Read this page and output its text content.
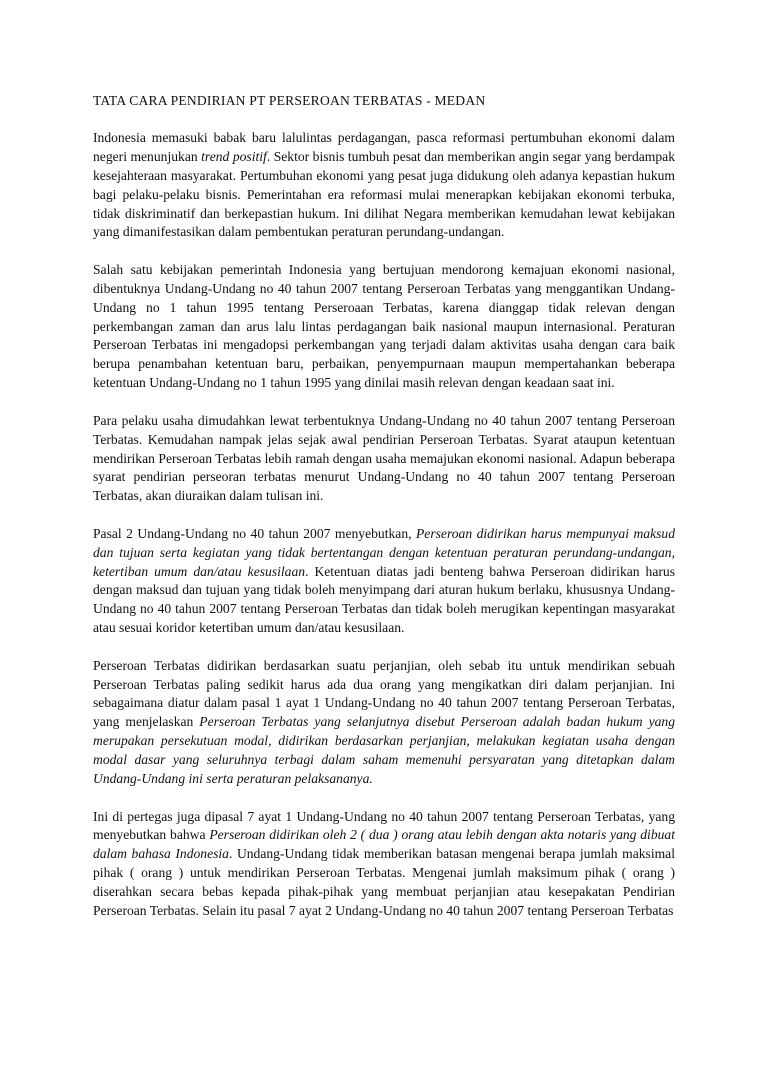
TATA CARA PENDIRIAN PT PERSEROAN TERBATAS - MEDAN

Indonesia memasuki babak baru lalulintas perdagangan, pasca reformasi pertumbuhan ekonomi dalam negeri menunjukan trend positif. Sektor bisnis tumbuh pesat dan memberikan angin segar yang berdampak kesejahteraan masyarakat. Pertumbuhan ekonomi yang pesat juga didukung oleh adanya kepastian hukum bagi pelaku-pelaku bisnis. Pemerintahan era reformasi mulai menerapkan kebijakan ekonomi terbuka, tidak diskriminatif dan berkepastian hukum. Ini dilihat Negara memberikan kemudahan lewat kebijakan yang dimanifestasikan dalam pembentukan peraturan perundang-undangan.

Salah satu kebijakan pemerintah Indonesia yang bertujuan mendorong kemajuan ekonomi nasional, dibentuknya Undang-Undang no 40 tahun 2007 tentang Perseroan Terbatas yang menggantikan Undang-Undang no 1 tahun 1995 tentang Perseroaan Terbatas, karena dianggap tidak relevan dengan perkembangan zaman dan arus lalu lintas perdagangan baik nasional maupun internasional. Peraturan Perseroan Terbatas ini mengadopsi perkembangan yang terjadi dalam aktivitas usaha dengan cara baik berupa penambahan ketentuan baru, perbaikan, penyempurnaan maupun mempertahankan beberapa ketentuan Undang-Undang no 1 tahun 1995 yang dinilai masih relevan dengan keadaan saat ini.

Para pelaku usaha dimudahkan lewat terbentuknya Undang-Undang no 40 tahun 2007 tentang Perseroan Terbatas. Kemudahan nampak jelas sejak awal pendirian Perseroan Terbatas. Syarat ataupun ketentuan mendirikan Perseroan Terbatas lebih ramah dengan usaha memajukan ekonomi nasional. Adapun beberapa syarat pendirian perseoran terbatas menurut Undang-Undang no 40 tahun 2007 tentang Perseroan Terbatas, akan diuraikan dalam tulisan ini.

Pasal 2 Undang-Undang no 40 tahun 2007 menyebutkan, Perseroan didirikan harus mempunyai maksud dan tujuan serta kegiatan yang tidak bertentangan dengan ketentuan peraturan perundang-undangan, ketertiban umum dan/atau kesusilaan. Ketentuan diatas jadi benteng bahwa Perseroan didirikan harus dengan maksud dan tujuan yang tidak boleh menyimpang dari aturan hukum berlaku, khususnya Undang-Undang no 40 tahun 2007 tentang Perseroan Terbatas dan tidak boleh merugikan kepentingan masyarakat atau sesuai koridor ketertiban umum dan/atau kesusilaan.

Perseroan Terbatas didirikan berdasarkan suatu perjanjian, oleh sebab itu untuk mendirikan sebuah Perseroan Terbatas paling sedikit harus ada dua orang yang mengikatkan diri dalam perjanjian. Ini sebagaimana diatur dalam pasal 1 ayat 1 Undang-Undang no 40 tahun 2007 tentang Perseroan Terbatas, yang menjelaskan Perseroan Terbatas yang selanjutnya disebut Perseroan adalah badan hukum yang merupakan persekutuan modal, didirikan berdasarkan perjanjian, melakukan kegiatan usaha dengan modal dasar yang seluruhnya terbagi dalam saham memenuhi persyaratan yang ditetapkan dalam Undang-Undang ini serta peraturan pelaksananya.

Ini di pertegas juga dipasal 7 ayat 1 Undang-Undang no 40 tahun 2007 tentang Perseroan Terbatas, yang menyebutkan bahwa Perseroan didirikan oleh 2 ( dua ) orang atau lebih dengan akta notaris yang dibuat dalam bahasa Indonesia. Undang-Undang tidak memberikan batasan mengenai berapa jumlah maksimal pihak ( orang ) untuk mendirikan Perseroan Terbatas. Mengenai jumlah maksimum pihak ( orang ) diserahkan secara bebas kepada pihak-pihak yang membuat perjanjian atau kesepakatan Pendirian Perseroan Terbatas. Selain itu pasal 7 ayat 2 Undang-Undang no 40 tahun 2007 tentang Perseroan Terbatas
